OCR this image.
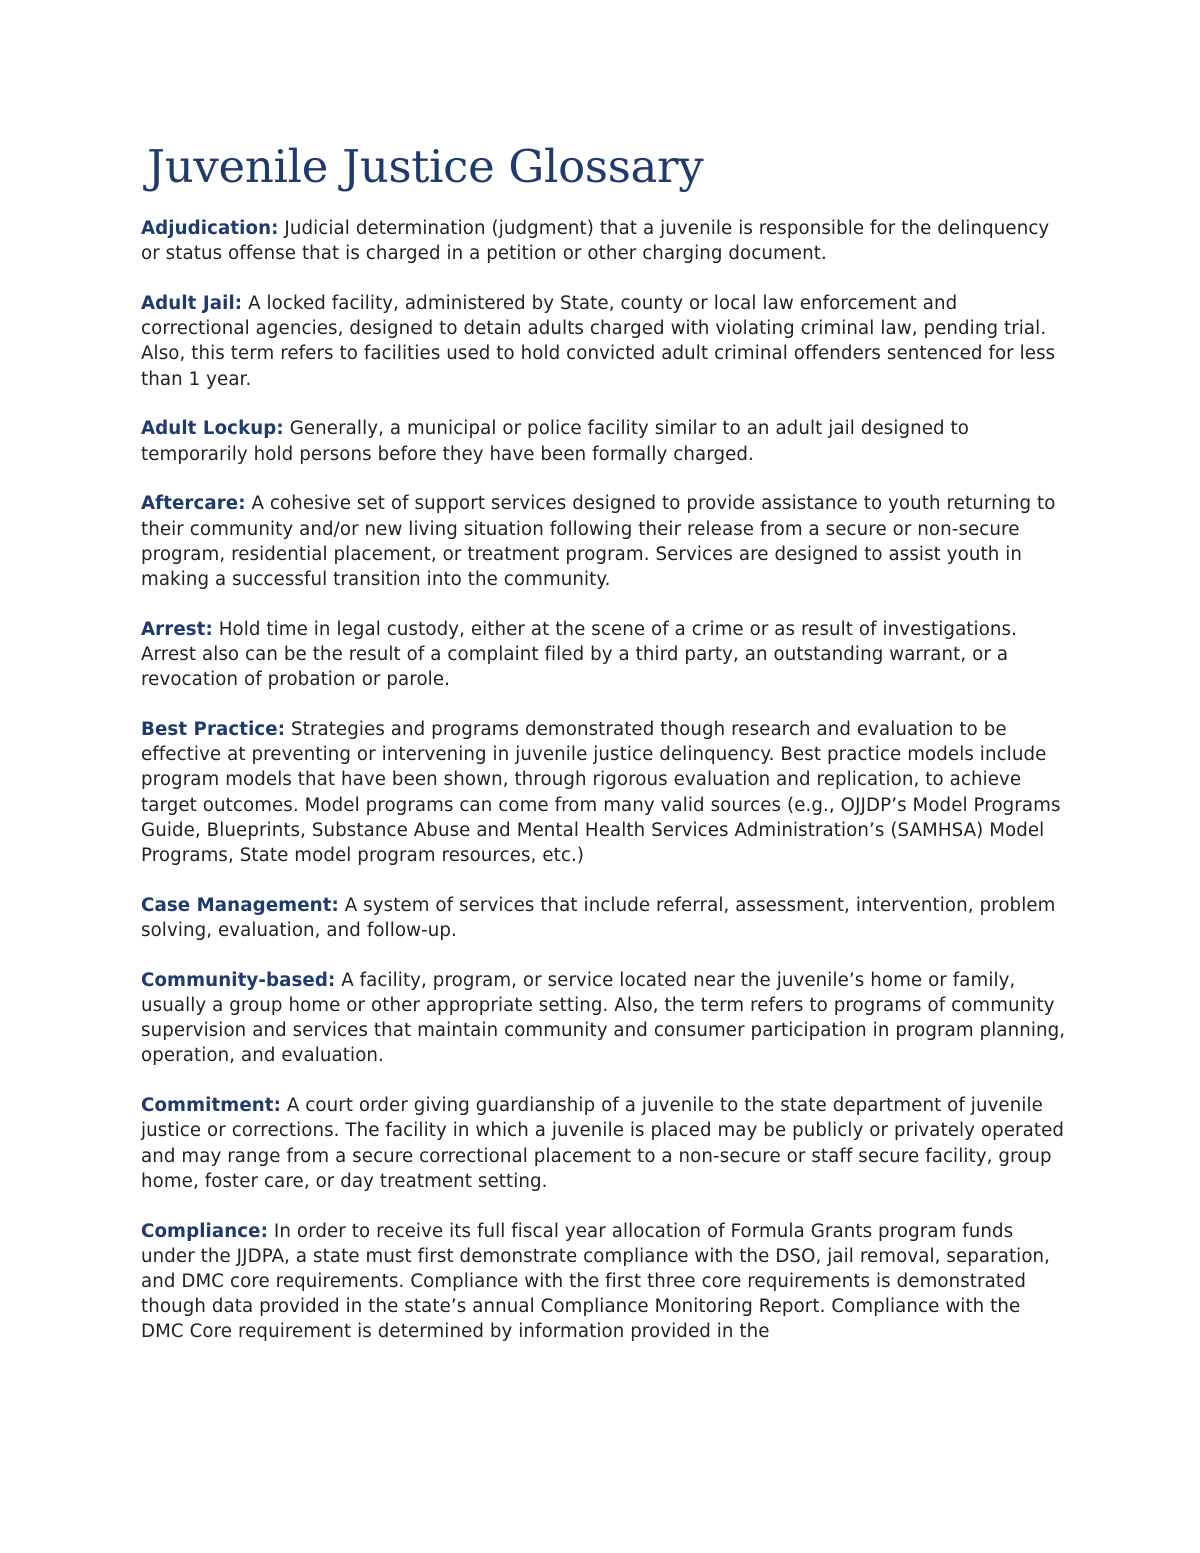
Juvenile Justice Glossary

Adjudication: Judicial determination (judgment) that a juvenile is responsible for the delinquency or status offense that is charged in a petition or other charging document.

Adult Jail: A locked facility, administered by State, county or local law enforcement and correctional agencies, designed to detain adults charged with violating criminal law, pending trial. Also, this term refers to facilities used to hold convicted adult criminal offenders sentenced for less than 1 year.

Adult Lockup: Generally, a municipal or police facility similar to an adult jail designed to temporarily hold persons before they have been formally charged.

Aftercare: A cohesive set of support services designed to provide assistance to youth returning to their community and/or new living situation following their release from a secure or non-secure program, residential placement, or treatment program. Services are designed to assist youth in making a successful transition into the community.

Arrest: Hold time in legal custody, either at the scene of a crime or as result of investigations. Arrest also can be the result of a complaint filed by a third party, an outstanding warrant, or a revocation of probation or parole.

Best Practice: Strategies and programs demonstrated though research and evaluation to be effective at preventing or intervening in juvenile justice delinquency. Best practice models include program models that have been shown, through rigorous evaluation and replication, to achieve target outcomes. Model programs can come from many valid sources (e.g., OJJDP’s Model Programs Guide, Blueprints, Substance Abuse and Mental Health Services Administration’s (SAMHSA) Model Programs, State model program resources, etc.)

Case Management: A system of services that include referral, assessment, intervention, problem solving, evaluation, and follow-up.

Community-based: A facility, program, or service located near the juvenile’s home or family, usually a group home or other appropriate setting. Also, the term refers to programs of community supervision and services that maintain community and consumer participation in program planning, operation, and evaluation.

Commitment: A court order giving guardianship of a juvenile to the state department of juvenile justice or corrections. The facility in which a juvenile is placed may be publicly or privately operated and may range from a secure correctional placement to a non-secure or staff secure facility, group home, foster care, or day treatment setting.

Compliance: In order to receive its full fiscal year allocation of Formula Grants program funds under the JJDPA, a state must first demonstrate compliance with the DSO, jail removal, separation, and DMC core requirements. Compliance with the first three core requirements is demonstrated though data provided in the state’s annual Compliance Monitoring Report. Compliance with the DMC Core requirement is determined by information provided in the
